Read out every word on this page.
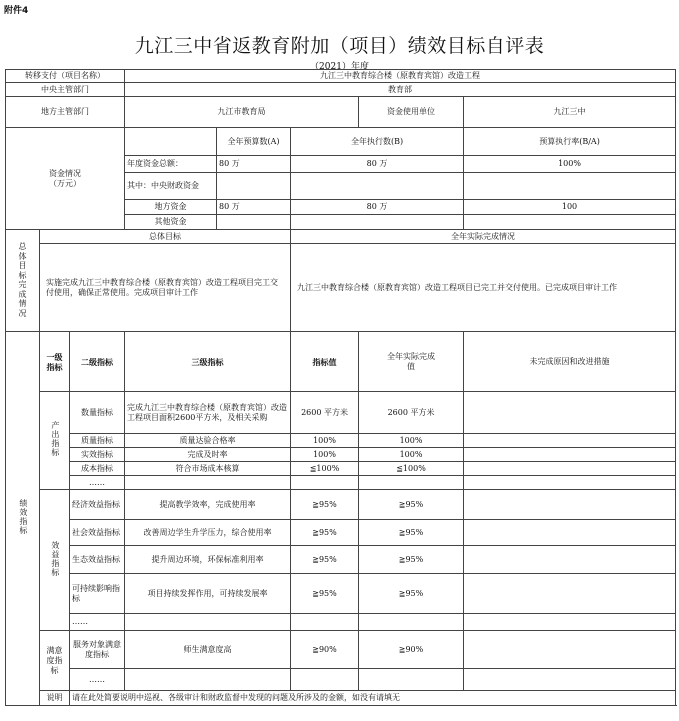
附件4
九江三中省返教育附加（项目）绩效目标自评表
（2021）年度
转移支付（项目名称）			九江三中教育综合楼（原教育宾馆）改造工程				
中央主管部门			教育部				
地方主管部门			九江市教育局			资金使用单位	九江三中
资金情况（万元）				全年预算数(A)	全年执行数(B)		预算执行率(B/A)
			年度资金总额：	80 万	80 万		100%
			其中：中央财政资金				
			地方资金	80 万	80 万		100
			其他资金				
总体目标完成情况	总体目标				全年实际完成情况		
	实施完成九江三中教育综合楼（原教育宾馆）改造工程项目完工交付使用，确保正常使用。完成项目审计工作				九江三中教育综合楼（原教育宾馆）改造工程项目已完工并交付使用。已完成项目审计工作		
绩效指标	一级指标	二级指标	三级指标		指标值	全年实际完成值	未完成原因和改进措施
	产出指标	数量指标	完成九江三中教育综合楼（原教育宾馆）改造工程项目面积2600平方米，及相关采购		2600 平方米	2600 平方米	
		质量指标	质量达验合格率		100%	100%	
		实效指标	完成及时率		100%	100%	
		成本指标	符合市场成本核算		≦100%	≦100%	
		……					
	效益指标	经济效益指标	提高教学效率，完成使用率		≧95%	≧95%	
		社会效益指标	改善周边学生升学压力，综合使用率		≧95%	≧95%	
		生态效益指标	提升周边环境，环保标准利用率		≧95%	≧95%	
		可持续影响指标	项目持续发挥作用，可持续发展率		≧95%	≧95%	
		……					
	满意度指标	服务对象满意度指标	师生满意度高		≧90%	≧90%	
		……					
	说明	请在此处简要说明中巡视、各级审计和财政监督中发现的问题及所涉及的金额，如没有请填无					
